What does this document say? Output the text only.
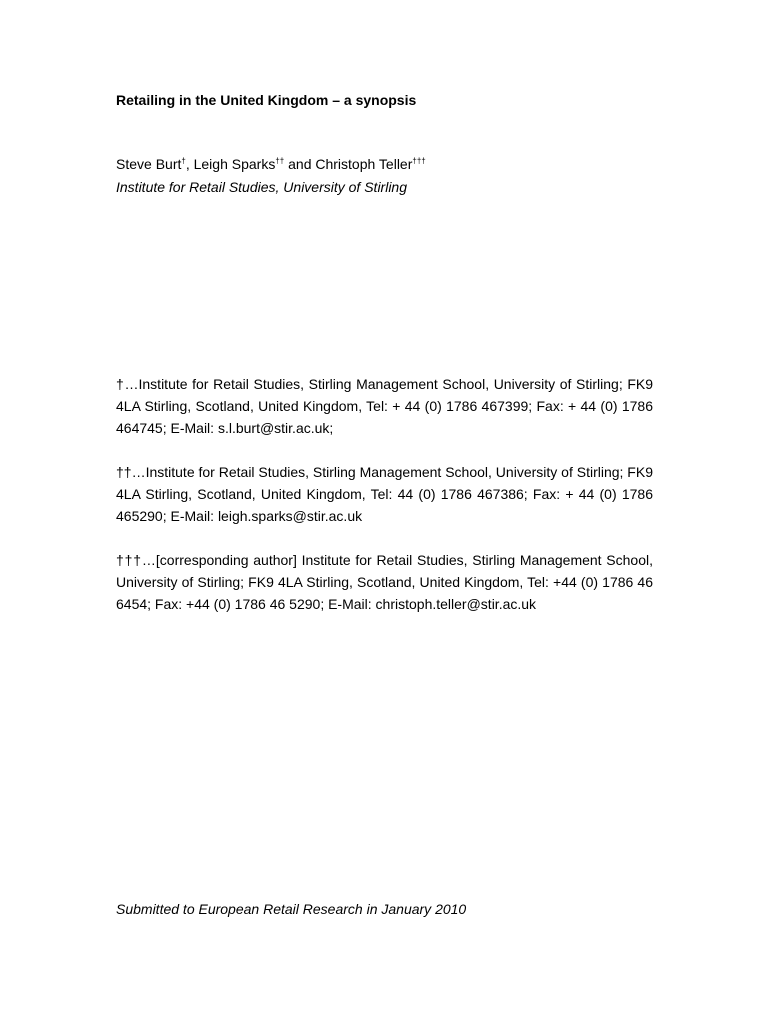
Retailing in the United Kingdom – a synopsis
Steve Burt†, Leigh Sparks†† and Christoph Teller†††
Institute for Retail Studies, University of Stirling
†…Institute for Retail Studies, Stirling Management School, University of Stirling; FK9 4LA Stirling, Scotland, United Kingdom, Tel: + 44 (0) 1786 467399; Fax: + 44 (0) 1786 464745; E-Mail: s.l.burt@stir.ac.uk;
††…Institute for Retail Studies, Stirling Management School, University of Stirling; FK9 4LA Stirling, Scotland, United Kingdom, Tel: 44 (0) 1786 467386; Fax: + 44 (0) 1786 465290; E-Mail: leigh.sparks@stir.ac.uk
†††…[corresponding author] Institute for Retail Studies, Stirling Management School, University of Stirling; FK9 4LA Stirling, Scotland, United Kingdom, Tel: +44 (0) 1786 46 6454; Fax: +44 (0) 1786 46 5290; E-Mail: christoph.teller@stir.ac.uk
Submitted to European Retail Research in January 2010
